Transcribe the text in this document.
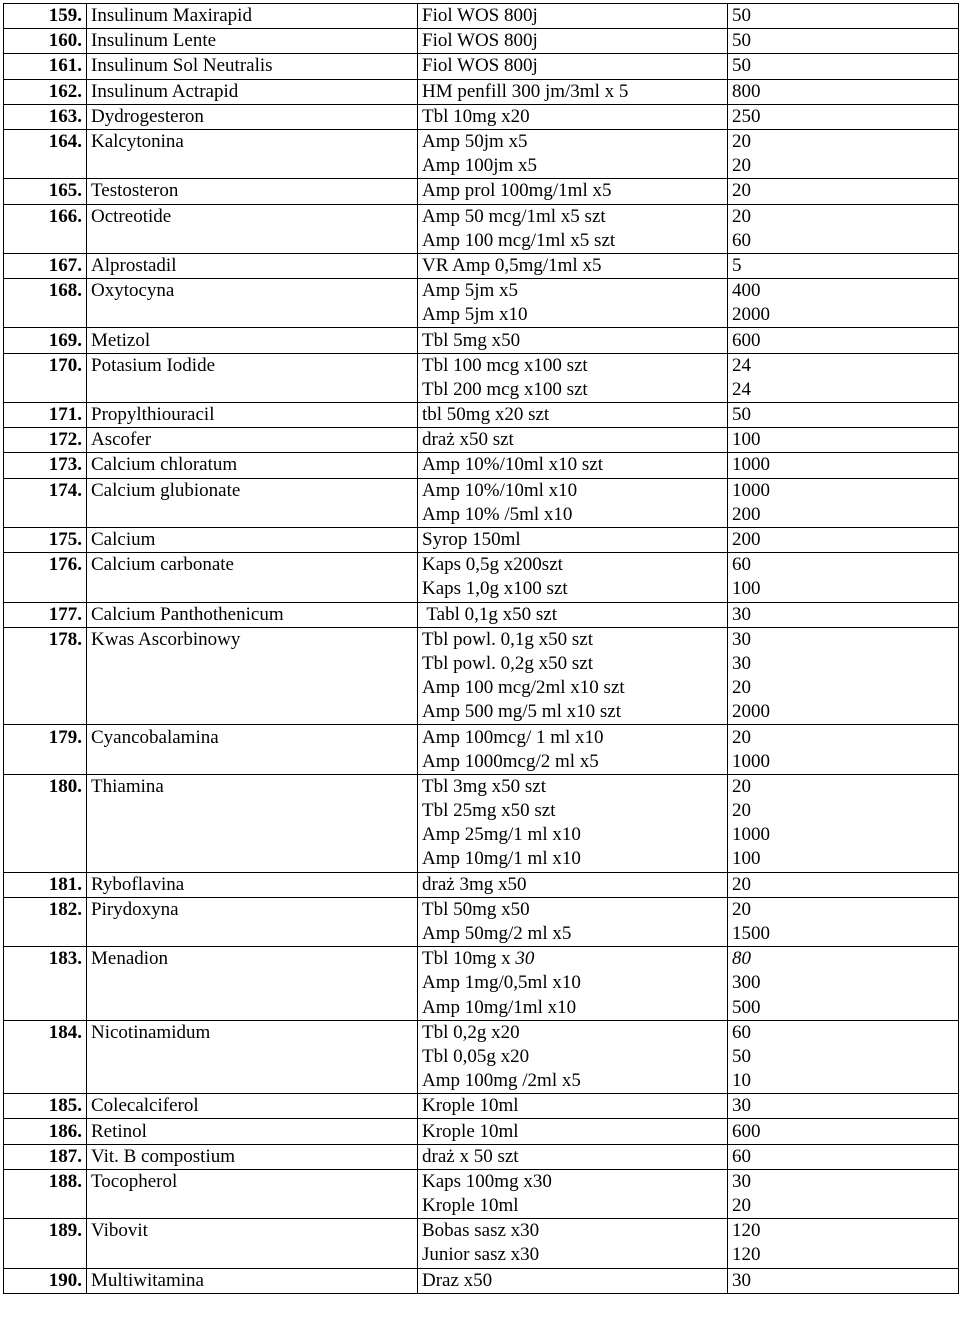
159.	Insulinum Maxirapid	Fiol WOS 800j	50
160.	Insulinum Lente	Fiol WOS 800j	50
161.	Insulinum Sol Neutralis	Fiol WOS 800j	50
162.	Insulinum Actrapid	HM penfill 300 jm/3ml x 5	800
163.	Dydrogesteron	Tbl 10mg x20	250
164.	Kalcytonina	Amp 50jm x5	20
		Amp 100jm x5	20
165.	Testosteron	Amp prol 100mg/1ml x5	20
166.	Octreotide	Amp 50 mcg/1ml x5 szt	20
		Amp 100 mcg/1ml x5 szt	60
167.	Alprostadil	VR Amp 0,5mg/1ml x5	5
168.	Oxytocyna	Amp 5jm x5	400
		Amp 5jm x10	2000
169.	Metizol	Tbl 5mg x50	600
170.	Potasium Iodide	Tbl 100 mcg x100 szt	24
		Tbl 200 mcg x100 szt	24
171.	Propylthiouracil	tbl 50mg x20 szt	50
172.	Ascofer	draż x50 szt	100
173.	Calcium chloratum	Amp 10%/10ml x10 szt	1000
174.	Calcium glubionate	Amp 10%/10ml x10	1000
		Amp 10% /5ml x10	200
175.	Calcium	Syrop 150ml	200
176.	Calcium carbonate	Kaps 0,5g x200szt	60
		Kaps 1,0g x100 szt	100
177.	Calcium Panthothenicum	Tabl 0,1g x50 szt	30
178.	Kwas Ascorbinowy	Tbl powl. 0,1g x50 szt	30
		Tbl powl. 0,2g x50 szt	30
		Amp 100 mcg/2ml x10 szt	20
		Amp 500 mg/5 ml x10 szt	2000
179.	Cyancobalamina	Amp 100mcg/ 1 ml x10	20
		Amp 1000mcg/2 ml x5	1000
180.	Thiamina	Tbl 3mg x50 szt	20
		Tbl 25mg x50 szt	20
		Amp 25mg/1 ml x10	1000
		Amp 10mg/1 ml x10	100
181.	Ryboflavina	draż 3mg x50	20
182.	Pirydoxyna	Tbl 50mg x50	20
		Amp 50mg/2 ml x5	1500
183.	Menadion	Tbl 10mg x 30	80
		Amp 1mg/0,5ml x10	300
		Amp 10mg/1ml x10	500
184.	Nicotinamidum	Tbl 0,2g x20	60
		Tbl 0,05g x20	50
		Amp 100mg /2ml x5	10
185.	Colecalciferol	Krople 10ml	30
186.	Retinol	Krople 10ml	600
187.	Vit. B compostium	draż x 50 szt	60
188.	Tocopherol	Kaps 100mg x30	30
		Krople 10ml	20
189.	Vibovit	Bobas sasz x30	120
		Junior sasz x30	120
190.	Multiwitamina	Draz x50	30
